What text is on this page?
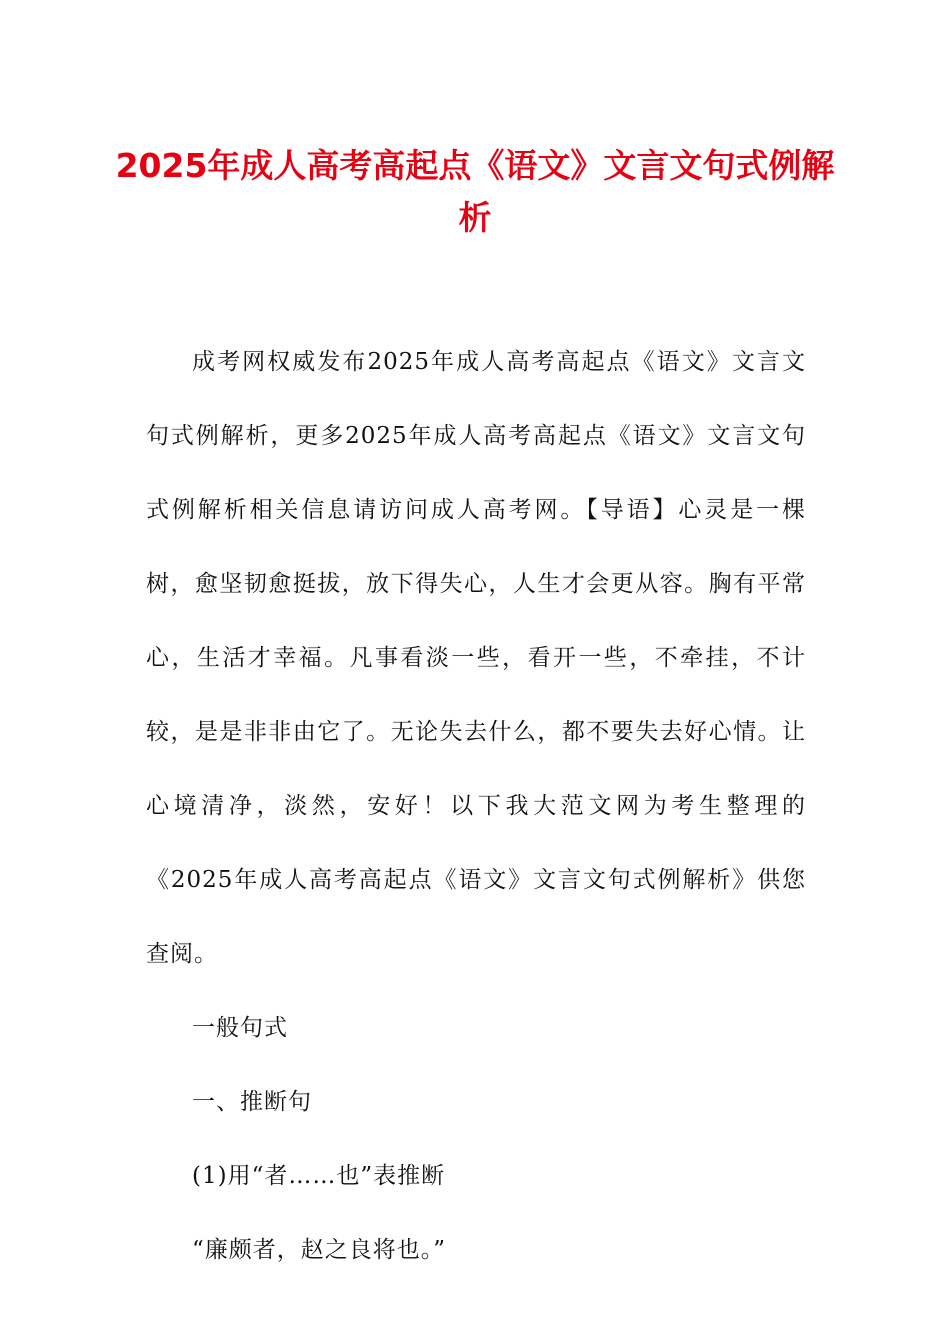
2025年成人高考高起点《语文》文言文句式例解析

成考网权威发布2025年成人高考高起点《语文》文言文句式例解析，更多2025年成人高考高起点《语文》文言文句式例解析相关信息请访问成人高考网。【导语】心灵是一棵树，愈坚韧愈挺拔，放下得失心，人生才会更从容。胸有平常心，生活才幸福。凡事看淡一些，看开一些，不牵挂，不计较，是是非非由它了。无论失去什么，都不要失去好心情。让心境清净，淡然，安好！以下我大范文网为考生整理的《2025年成人高考高起点《语文》文言文句式例解析》供您查阅。

一般句式

一、推断句

(1)用“者……也”表推断

“廉颇者，赵之良将也。”
